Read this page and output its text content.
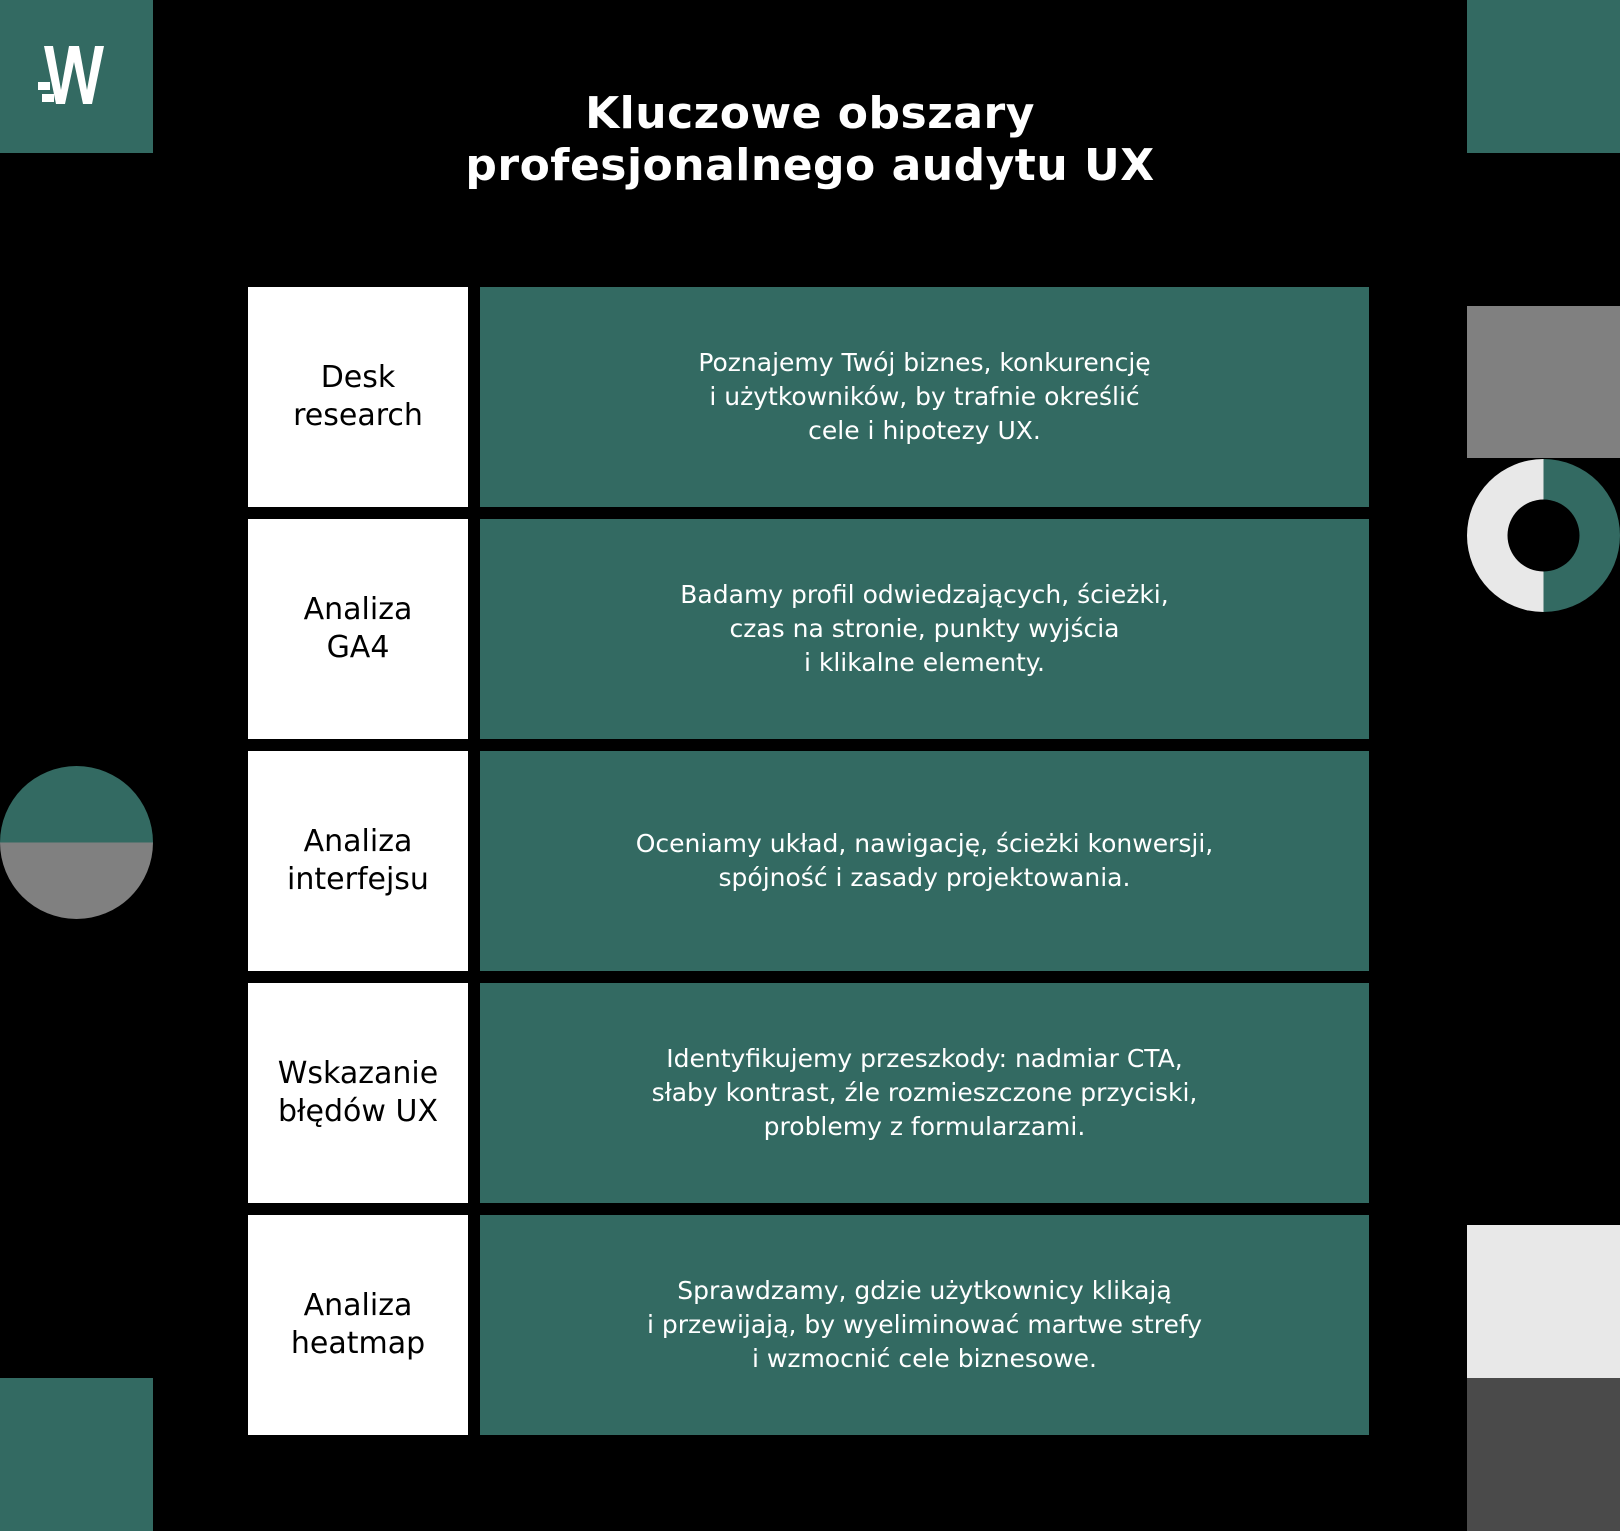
Kluczowe obszary
profesjonalnego audytu UX
Desk
research
Poznajemy Twój biznes, konkurencję
i użytkowników, by trafnie określić
cele i hipotezy UX.
Analiza
GA4
Badamy profil odwiedzających, ścieżki,
czas na stronie, punkty wyjścia
i klikalne elementy.
Analiza
interfejsu
Oceniamy układ, nawigację, ścieżki konwersji,
spójność i zasady projektowania.
Wskazanie
błędów UX
Identyfikujemy przeszkody: nadmiar CTA,
słaby kontrast, źle rozmieszczone przyciski,
problemy z formularzami.
Analiza
heatmap
Sprawdzamy, gdzie użytkownicy klikają
i przewijają, by wyeliminować martwe strefy
i wzmocnić cele biznesowe.
